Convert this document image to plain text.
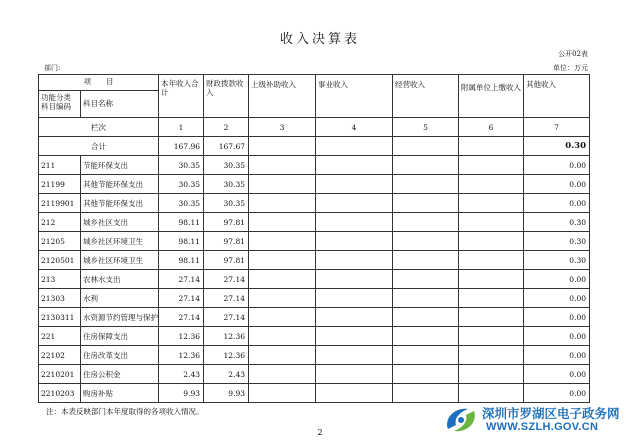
收入决算表
公开02表
部门:	单位：万元
项　　目		本年收入合计	财政拨款收入	上级补助收入	事业收入	经营收入	附属单位上缴收入	其他收入
功能分类科目编码	科目名称							
栏次		1	2	3	4	5	6	7
合计		167.96	167.67					0.30
211	节能环保支出	30.35	30.35					0.00
21199	其他节能环保支出	30.35	30.35					0.00
2119901	其他节能环保支出	30.35	30.35					0.00
212	城乡社区支出	98.11	97.81					0.30
21205	城乡社区环境卫生	98.11	97.81					0.30
2120501	城乡社区环境卫生	98.11	97.81					0.30
213	农林水支出	27.14	27.14					0.00
21303	水利	27.14	27.14					0.00
2130311	水资源节约管理与保护	27.14	27.14					0.00
221	住房保障支出	12.36	12.36					0.00
22102	住房改革支出	12.36	12.36					0.00
2210201	住房公积金	2.43	2.43					0.00
2210203	购房补贴	9.93	9.93					0.00
注：本表反映部门本年度取得的各项收入情况。
2
深圳市罗湖区电子政务网
WWW.SZLH.GOV.CN
